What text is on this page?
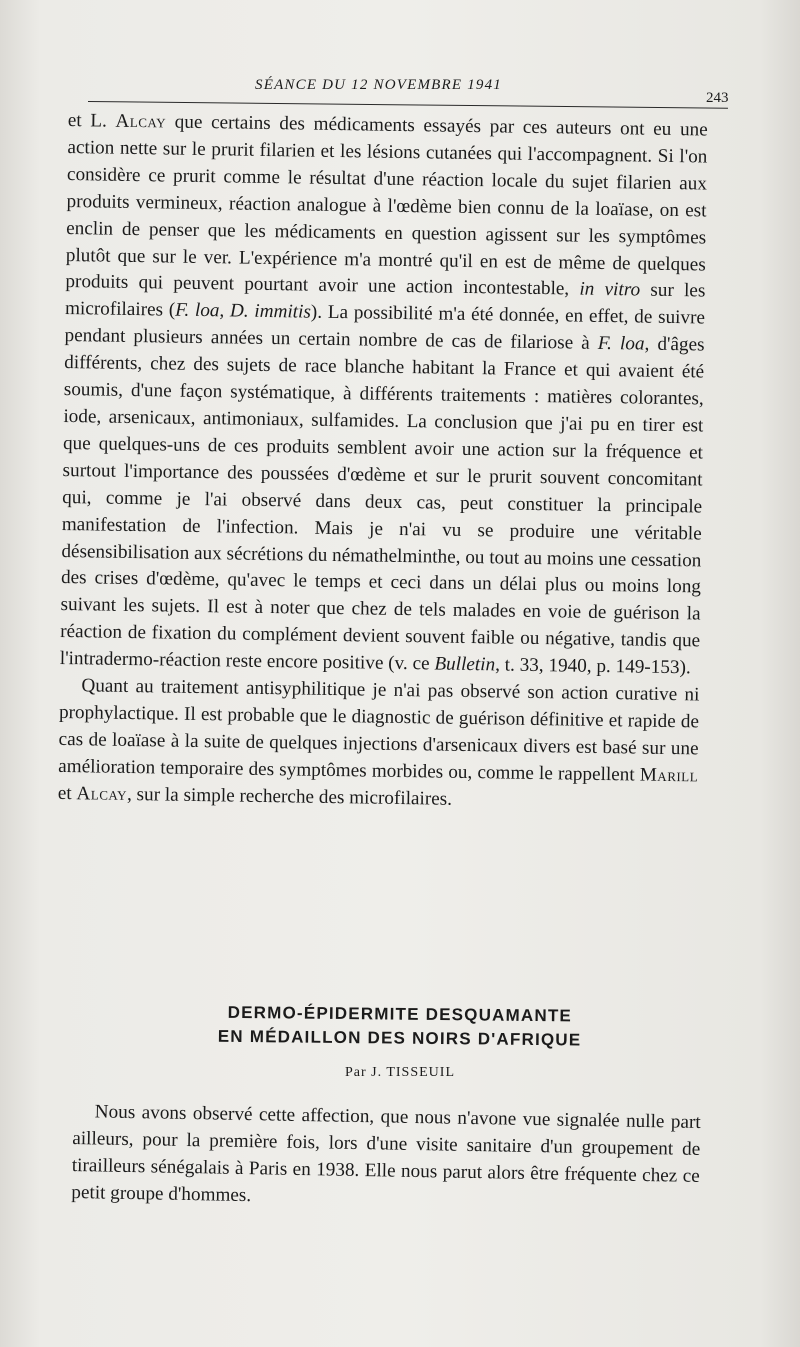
SÉANCE DU 12 NOVEMBRE 1941
243

et L. Alcay que certains des médicaments essayés par ces auteurs ont eu une action nette sur le prurit filarien et les lésions cutanées qui l'accompagnent. Si l'on considère ce prurit comme le résultat d'une réaction locale du sujet filarien aux produits vermineux, réaction analogue à l'œdème bien connu de la loaïase, on est enclin de penser que les médicaments en question agissent sur les symptômes plutôt que sur le ver. L'expérience m'a montré qu'il en est de même de quelques produits qui peuvent pourtant avoir une action incontestable, in vitro sur les microfilaires (F. loa, D. immitis). La possibilité m'a été donnée, en effet, de suivre pendant plusieurs années un certain nombre de cas de filariose à F. loa, d'âges différents, chez des sujets de race blanche habitant la France et qui avaient été soumis, d'une façon systématique, à différents traitements : matières colorantes, iode, arsenicaux, antimoniaux, sulfamides. La conclusion que j'ai pu en tirer est que quelques-uns de ces produits semblent avoir une action sur la fréquence et surtout l'importance des poussées d'œdème et sur le prurit souvent concomitant qui, comme je l'ai observé dans deux cas, peut constituer la principale manifestation de l'infection. Mais je n'ai vu se produire une véritable désensibilisation aux sécrétions du némathelminthe, ou tout au moins une cessation des crises d'œdème, qu'avec le temps et ceci dans un délai plus ou moins long suivant les sujets. Il est à noter que chez de tels malades en voie de guérison la réaction de fixation du complément devient souvent faible ou négative, tandis que l'intradermo-réaction reste encore positive (v. ce Bulletin, t. 33, 1940, p. 149-153).

Quant au traitement antisyphilitique je n'ai pas observé son action curative ni prophylactique. Il est probable que le diagnostic de guérison définitive et rapide de cas de loaïase à la suite de quelques injections d'arsenicaux divers est basé sur une amélioration temporaire des symptômes morbides ou, comme le rappellent Marill et Alcay, sur la simple recherche des microfilaires.

DERMO-ÉPIDERMITE DESQUAMANTE
EN MÉDAILLON DES NOIRS D'AFRIQUE
Par J. TISSEUIL

Nous avons observé cette affection, que nous n'avone vue signalée nulle part ailleurs, pour la première fois, lors d'une visite sanitaire d'un groupement de tirailleurs sénégalais à Paris en 1938. Elle nous parut alors être fréquente chez ce petit groupe d'hommes.
